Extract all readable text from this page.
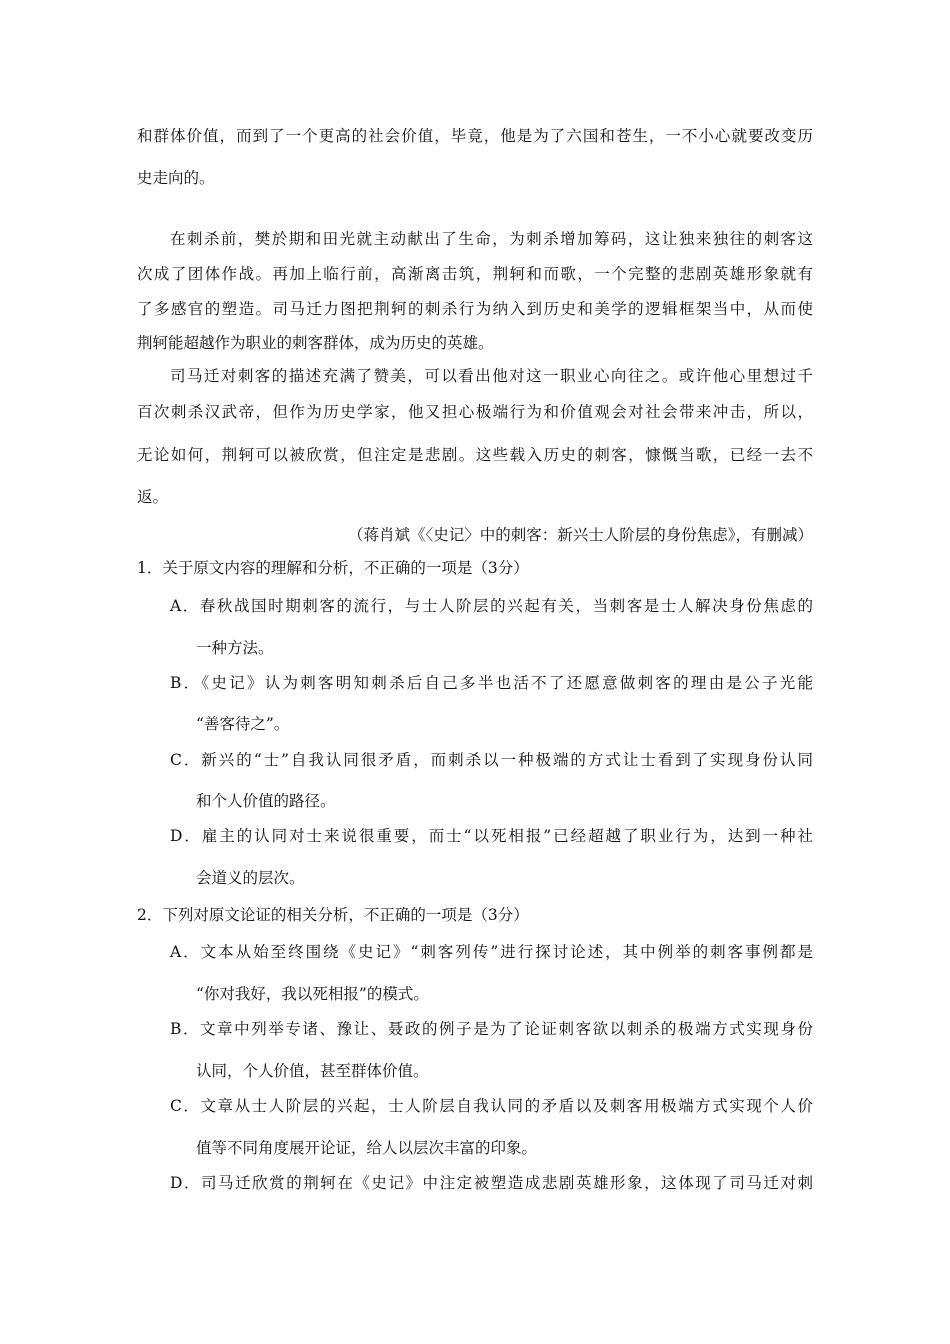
和群体价值，而到了一个更高的社会价值，毕竟，他是为了六国和苍生，一不小心就要改变历
史走向的。
在刺杀前，樊於期和田光就主动献出了生命，为刺杀增加筹码，这让独来独往的刺客这
次成了团体作战。再加上临行前，高渐离击筑，荆轲和而歌，一个完整的悲剧英雄形象就有
了多感官的塑造。司马迁力图把荆轲的刺杀行为纳入到历史和美学的逻辑框架当中，从而使
荆轲能超越作为职业的刺客群体，成为历史的英雄。
司马迁对刺客的描述充满了赞美，可以看出他对这一职业心向往之。或许他心里想过千
百次刺杀汉武帝，但作为历史学家，他又担心极端行为和价值观会对社会带来冲击，所以，
无论如何，荆轲可以被欣赏，但注定是悲剧。这些载入历史的刺客，慷慨当歌，已经一去不
返。
（蒋肖斌《〈史记〉中的刺客：新兴士人阶层的身份焦虑》，有删减）
1．关于原文内容的理解和分析，不正确的一项是（3分）
A．春秋战国时期刺客的流行，与士人阶层的兴起有关，当刺客是士人解决身份焦虑的
一种方法。
B．《史记》认为刺客明知刺杀后自己多半也活不了还愿意做刺客的理由是公子光能
“善客待之”。
C．新兴的“士”自我认同很矛盾，而刺杀以一种极端的方式让士看到了实现身份认同
和个人价值的路径。
D．雇主的认同对士来说很重要，而士“以死相报”已经超越了职业行为，达到一种社
会道义的层次。
2．下列对原文论证的相关分析，不正确的一项是（3分）
A．文本从始至终围绕《史记》“刺客列传”进行探讨论述，其中例举的刺客事例都是
“你对我好，我以死相报”的模式。
B．文章中列举专诸、豫让、聂政的例子是为了论证刺客欲以刺杀的极端方式实现身份
认同，个人价值，甚至群体价值。
C．文章从士人阶层的兴起，士人阶层自我认同的矛盾以及刺客用极端方式实现个人价
值等不同角度展开论证，给人以层次丰富的印象。
D．司马迁欣赏的荆轲在《史记》中注定被塑造成悲剧英雄形象，这体现了司马迁对刺
